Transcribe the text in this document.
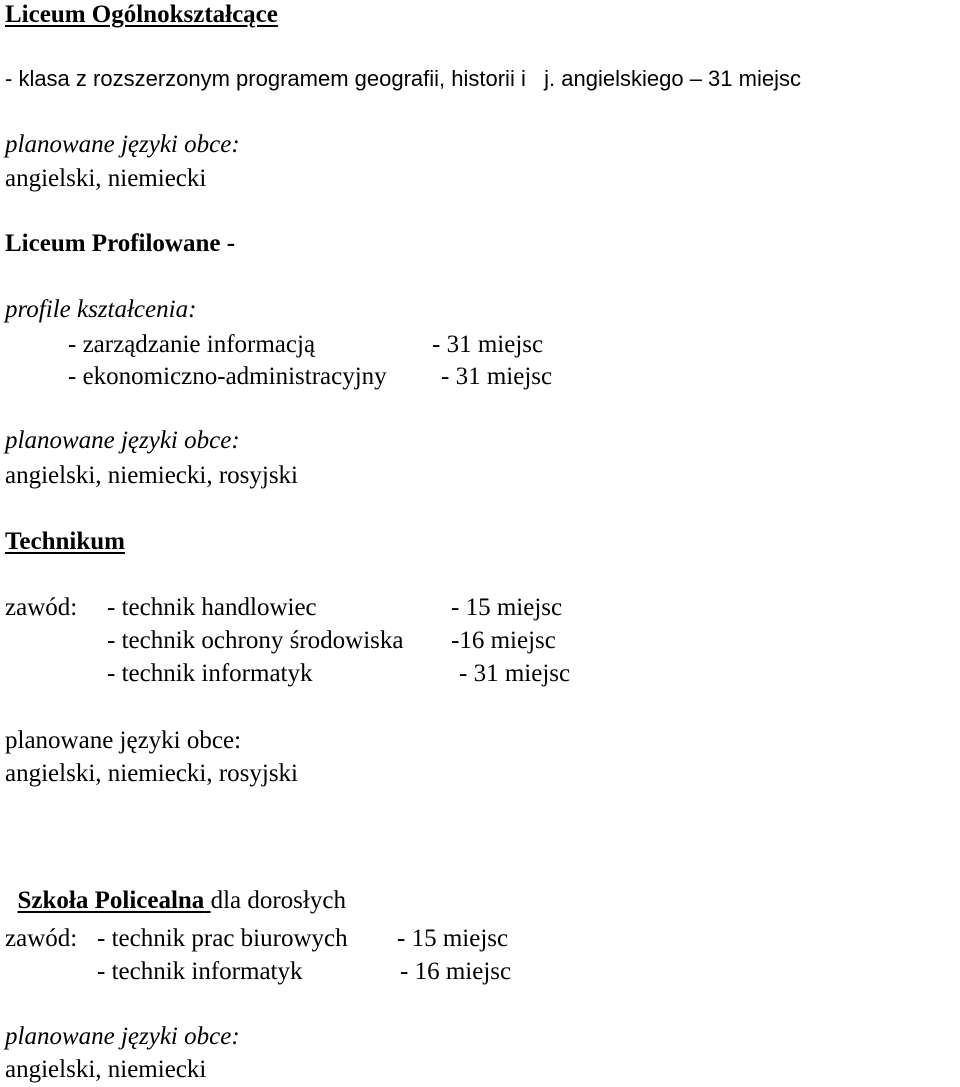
Liceum Ogólnokształcące
- klasa z rozszerzonym programem geografii, historii i   j. angielskiego – 31 miejsc
planowane języki obce:
angielski, niemiecki
Liceum Profilowane -
profile kształcenia:
- zarządzanie informacją	- 31 miejsc
- ekonomiczno-administracyjny - 31 miejsc
planowane języki obce:
angielski, niemiecki, rosyjski
Technikum
zawód: - technik handlowiec	- 15 miejsc
- technik ochrony środowiska -16 miejsc
- technik informatyk	- 31 miejsc
planowane języki obce:
angielski, niemiecki, rosyjski

Szkoła Policealna dla dorosłych

zawód: - technik prac biurowych - 15 miejsc
- technik informatyk	- 16 miejsc
planowane języki obce:
angielski, niemiecki
